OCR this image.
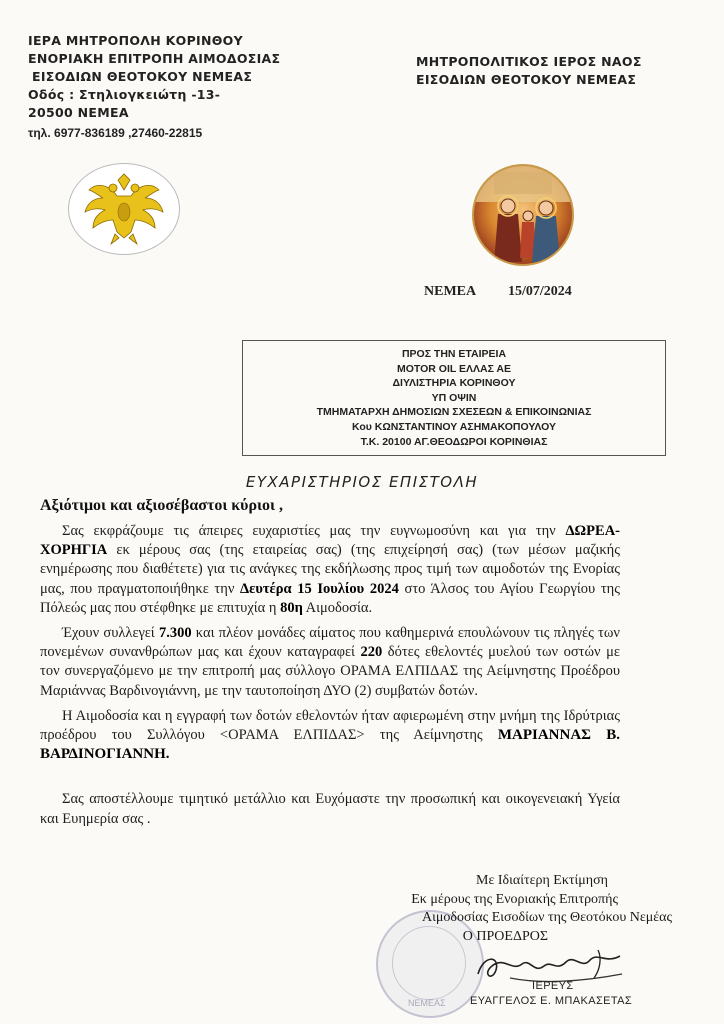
ΙΕΡΑ ΜΗΤΡΟΠΟΛΗ ΚΟΡΙΝΘΟΥ
ΕΝΟΡΙΑΚΗ ΕΠΙΤΡΟΠΗ ΑΙΜΟΔΟΣΙΑΣ
ΕΙΣΟΔΙΩΝ ΘΕΟΤΟΚΟΥ ΝΕΜΕΑΣ
Οδός : Στηλιογκειώτη -13-
20500 ΝΕΜΕΑ
τηλ. 6977-836189 ,27460-22815
ΜΗΤΡΟΠΟΛΙΤΙΚΟΣ ΙΕΡΟΣ ΝΑΟΣ
ΕΙΣΟΔΙΩΝ ΘΕΟΤΟΚΟΥ ΝΕΜΕΑΣ
ΝΕΜΕΑ 15/07/2024
ΠΡΟΣ ΤΗΝ ΕΤΑΙΡΕΙΑ
MOTOR OIL ΕΛΛΑΣ ΑΕ
ΔΙΥΛΙΣΤΗΡΙΑ ΚΟΡΙΝΘΟΥ
ΥΠ ΟΨΙΝ
ΤΜΗΜΑΤΑΡΧΗ ΔΗΜΟΣΙΩΝ ΣΧΕΣΕΩΝ & ΕΠΙΚΟΙΝΩΝΙΑΣ
Κου ΚΩΝΣΤΑΝΤΙΝΟΥ ΑΣΗΜΑΚΟΠΟΥΛΟΥ
Τ.Κ. 20100 ΑΓ.ΘΕΟΔΩΡΟΙ ΚΟΡΙΝΘΙΑΣ
ΕΥΧΑΡΙΣΤΗΡΙΟΣ ΕΠΙΣΤΟΛΗ
Αξιότιμοι και αξιοσέβαστοι κύριοι ,

Σας εκφράζουμε τις άπειρες ευχαριστίες μας την ευγνωμοσύνη και για την ΔΩΡΕΑ-ΧΟΡΗΓΙΑ εκ μέρους σας (της εταιρείας σας) (της επιχείρησή σας) (των μέσων μαζικής ενημέρωσης που διαθέτετε) για τις ανάγκες της εκδήλωσης προς τιμή των αιμοδοτών της Ενορίας μας, που πραγματοποιήθηκε την Δευτέρα 15 Ιουλίου 2024 στο Άλσος του Αγίου Γεωργίου της Πόλεώς μας που στέφθηκε με επιτυχία η 80η Αιμοδοσία.

Έχουν συλλεγεί 7.300 και πλέον μονάδες αίματος που καθημερινά επουλώνουν τις πληγές των πονεμένων συνανθρώπων μας και έχουν καταγραφεί 220 δότες εθελοντές μυελού των οστών με τον συνεργαζόμενο με την επιτροπή μας σύλλογο ΟΡΑΜΑ ΕΛΠΙΔΑΣ της Αείμνηστης Προέδρου Μαριάννας Βαρδινογιάννη, με την ταυτοποίηση ΔΥΟ (2) συμβατών δοτών.

Η Αιμοδοσία και η εγγραφή των δοτών εθελοντών ήταν αφιερωμένη στην μνήμη της Ιδρύτριας προέδρου του Συλλόγου <ΟΡΑΜΑ ΕΛΠΙΔΑΣ> της Αείμνηστης ΜΑΡΙΑΝΝΑΣ Β. ΒΑΡΔΙΝΟΓΙΑΝΝΗ.

Σας αποστέλλουμε τιμητικό μετάλλιο και Ευχόμαστε την προσωπική και οικογενειακή Υγεία και Ευημερία σας .

ΝΕΜΕΑΣ
Με Ιδιαίτερη Εκτίμηση
Εκ μέρους της Ενοριακής Επιτροπής
Αιμοδοσίας Εισοδίων της Θεοτόκου Νεμέας
Ο ΠΡΟΕΔΡΟΣ
ΙΕΡΕΥΣ
ΕΥΑΓΓΕΛΟΣ Ε. ΜΠΑΚΑΣΕΤΑΣ
